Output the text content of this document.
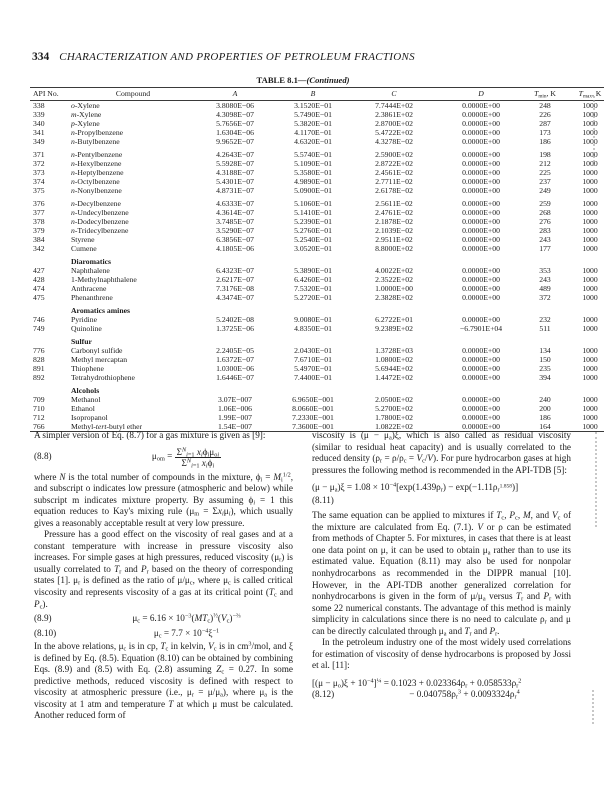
334 CHARACTERIZATION AND PROPERTIES OF PETROLEUM FRACTIONS
TABLE 8.1—(Continued)
API No.	Compound	A	B	C	D	$T_{min}$, K	$T_{max}$, K
338	o-Xylene	3.8080E−06	3.1520E−01	7.7444E+02	0.0000E+00	248	1000
339	m-Xylene	4.3098E−07	5.7490E−01	2.3861E+02	0.0000E+00	226	1000
340	p-Xylene	5.7656E−07	5.3820E−01	2.8700E+02	0.0000E+00	287	1000
341	n-Propylbenzene	1.6304E−06	4.1170E−01	5.4722E+02	0.0000E+00	173	1000
349	n-Butylbenzene	9.9652E−07	4.6320E−01	4.3278E−02	0.0000E+00	186	1000

371	n-Pentylbenzene	4.2643E−07	5.5740E−01	2.5900E+02	0.0000E+00	198	1000
372	n-Hexylbenzene	5.5928E−07	5.1090E−01	2.8722E+02	0.0000E+00	212	1000
373	n-Heptylbenzene	4.3188E−07	5.3580E−01	2.4561E−02	0.0000E+00	225	1000
374	n-Octylbenzene	5.4301E−07	4.9890E−01	2.7711E−02	0.0000E+00	237	1000
375	n-Nonylbenzene	4.8731E−07	5.0900E−01	2.6178E−02	0.0000E+00	249	1000

376	n-Decylbenzene	4.6333E−07	5.1060E−01	2.5611E−02	0.0000E+00	259	1000
377	n-Undecylbenzene	4.3614E−07	5.1410E−01	2.4761E−02	0.0000E+00	268	1000
378	n-Dodecylbenzene	3.7485E−07	5.2390E−01	2.1878E−02	0.0000E+00	276	1000
379	n-Tridecylbenzene	3.5290E−07	5.2760E−01	2.1039E−02	0.0000E+00	283	1000
384	Styrene	6.3856E−07	5.2540E−01	2.9511E+02	0.0000E+00	243	1000
342	Cumene	4.1805E−06	3.0520E−01	8.8000E+02	0.0000E+00	177	1000

	Diaromatics						
427	Naphthalene	6.4323E−07	5.3890E−01	4.0022E+02	0.0000E+00	353	1000
428	1-Methylnaphthalene	2.6217E−07	6.4260E−01	2.3522E+02	0.0000E+00	243	1000
474	Anthracene	7.3176E−08	7.5320E−01	1.0000E+00	0.0000E+00	489	1000
475	Phenanthrene	4.3474E−07	5.2720E−01	2.3828E+02	0.0000E+00	372	1000

	Aromatics amines						
746	Pyridine	5.2402E−08	9.0080E−01	6.2722E+01	0.0000E+00	232	1000
749	Quinoline	1.3725E−06	4.8350E−01	9.2389E+02	−6.7901E+04	511	1000

	Sulfur						
776	Carbonyl sulfide	2.2405E−05	2.0430E−01	1.3728E+03	0.0000E+00	134	1000
828	Methyl mercaptan	1.6372E−07	7.6710E−01	1.0800E+02	0.0000E+00	150	1000
891	Thiophene	1.0300E−06	5.4970E−01	5.6944E+02	0.0000E+00	235	1000
892	Tetrahydrothiophene	1.6446E−07	7.4400E−01	1.4472E+02	0.0000E+00	394	1000

	Alcohols						
709	Methanol	3.07E−007	6.9650E−001	2.0500E+02	0.0000E+00	240	1000
710	Ethanol	1.06E−006	8.0660E−001	5.2700E+02	0.0000E+00	200	1000
712	Isopropanol	1.99E−007	7.2330E−001	1.7800E+02	0.0000E+00	186	1000
766	Methyl-tert-butyl ether	1.54E−007	7.3600E−001	1.0822E+02	0.0000E+00	164	1000

A simpler version of Eq. (8.7) for a gas mixture is given as [9]:

(8.8)	$\mu_{om} = \frac{\Sigma^N_{i=1} x_i\phi_i\mu_{oi}}{\Sigma^N_{i=1} x_i\phi_i}$

where N is the total number of compounds in the mixture, $\phi_i = M_i^{1/2}$, and subscript o indicates low pressure (atmospheric and below) while subscript m indicates mixture property. By assuming $\phi_i = 1$ this equation reduces to Kay's mixing rule $(\mu_m = \Sigma x_i\mu_i)$, which usually gives a reasonably acceptable result at very low pressure.

Pressure has a good effect on the viscosity of real gases and at a constant temperature with increase in pressure viscosity also increases. For simple gases at high pressures, reduced viscosity $(\mu_r)$ is usually correlated to $T_r$ and $P_r$ based on the theory of corresponding states [1]. $\mu_r$ is defined as the ratio of $\mu/\mu_c$, where $\mu_c$ is called critical viscosity and represents viscosity of a gas at its critical point ($T_c$ and $P_c$).

(8.9)	$\mu_c = 6.16 \times 10^{-3}(MT_c)^{\frac{1}{2}}(V_c)^{-\frac{2}{3}}$
(8.10)	$\mu_c = 7.7 \times 10^{-4}\xi^{-1}$

In the above relations, $\mu_c$ is in cp, $T_c$ in kelvin, $V_c$ is in $cm^3$/mol, and ξ is defined by Eq. (8.5). Equation (8.10) can be obtained by combining Eqs. (8.9) and (8.5) with Eq. (2.8) assuming $Z_c = 0.27$. In some predictive methods, reduced viscosity is defined with respect to viscosity at atmospheric pressure (i.e., $\mu_r = \mu/\mu_a$), where $\mu_a$ is the viscosity at 1 atm and temperature T at which μ must be calculated. Another reduced form of

viscosity is $(\mu - \mu_a)\xi$, which is also called as residual viscosity (similar to residual heat capacity) and is usually correlated to the reduced density $(\rho_r = \rho/\rho_c = V_c/V)$. For pure hydrocarbon gases at high pressures the following method is recommended in the API-TDB [5]:

$(\mu - \mu_a)\xi = 1.08 \times 10^{-4}[\exp(1.439\rho_r) - \exp(-1.11\rho_r^{1.858})]$
(8.11)

The same equation can be applied to mixtures if $T_c$, $P_c$, M, and $V_c$ of the mixture are calculated from Eq. (7.1). V or ρ can be estimated from methods of Chapter 5. For mixtures, in cases that there is at least one data point on μ, it can be used to obtain $\mu_a$ rather than to use its estimated value. Equation (8.11) may also be used for nonpolar nonhydrocarbons as recommended in the DIPPR manual [10]. However, in the API-TDB another generalized correlation for nonhydrocarbons is given in the form of $\mu/\mu_a$ versus $T_r$ and $P_r$ with some 22 numerical constants. The advantage of this method is mainly simplicity in calculations since there is no need to calculate $\rho_r$ and μ can be directly calculated through $\mu_a$ and $T_r$ and $P_r$.

In the petroleum industry one of the most widely used correlations for estimation of viscosity of dense hydrocarbons is proposed by Jossi et al. [11]:

$[(\mu - \mu_o)\xi + 10^{-4}]^{\frac{1}{4}} = 0.1023 + 0.023364\rho_r + 0.058533\rho_r^2$
(8.12)	− $0.040758\rho_r^3 + 0.0093324\rho_r^4$
